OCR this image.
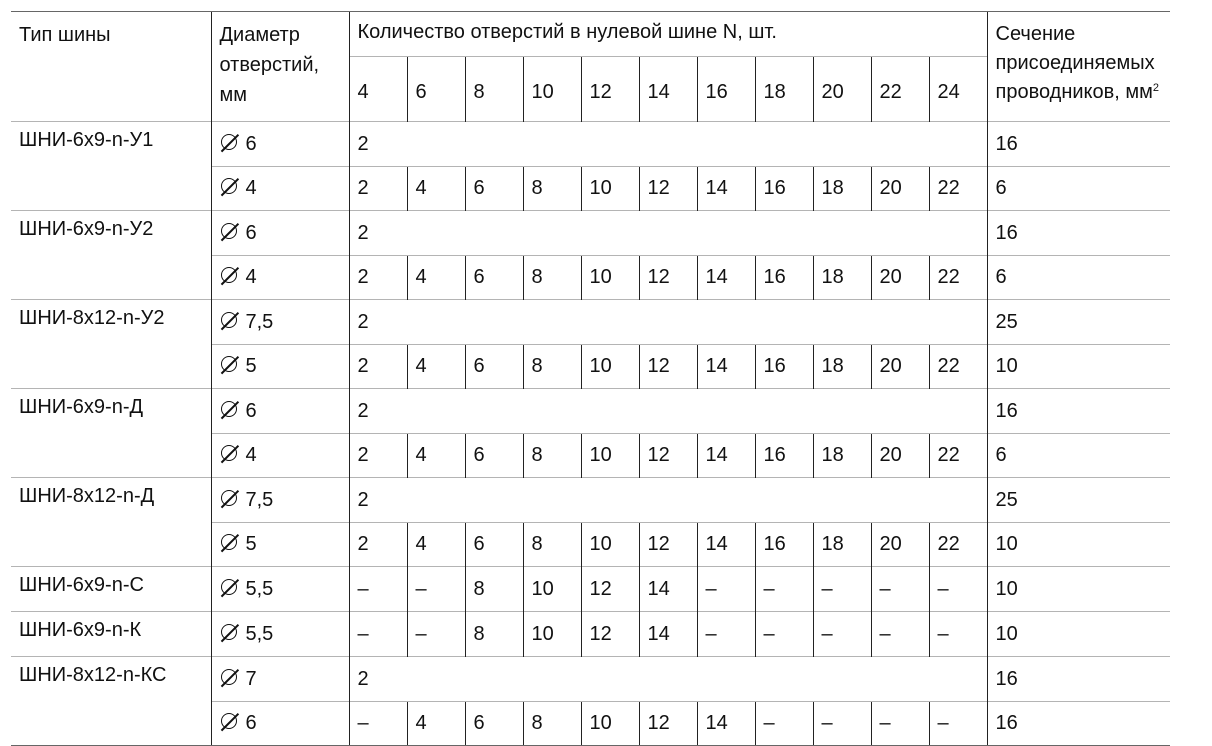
Тип шины	Диаметр отверстий, мм	Количество отверстий в нулевой шине N, шт.											Сечение присоединяемых проводников, $мм^2$
		4	6	8	10	12	14	16	18	20	22	24	
ШНИ-6х9-n-У1	6	2											16
	4	2	4	6	8	10	12	14	16	18	20	22	6
ШНИ-6х9-n-У2	6	2											16
	4	2	4	6	8	10	12	14	16	18	20	22	6
ШНИ-8х12-n-У2	7,5	2											25
	5	2	4	6	8	10	12	14	16	18	20	22	10
ШНИ-6х9-n-Д	6	2											16
	4	2	4	6	8	10	12	14	16	18	20	22	6
ШНИ-8х12-n-Д	7,5	2											25
	5	2	4	6	8	10	12	14	16	18	20	22	10
ШНИ-6х9-n-С	5,5	–	–	8	10	12	14	–	–	–	–	–	10
ШНИ-6х9-n-К	5,5	–	–	8	10	12	14	–	–	–	–	–	10
ШНИ-8х12-n-КС	7	2											16
	6	–	4	6	8	10	12	14	–	–	–	–	16
